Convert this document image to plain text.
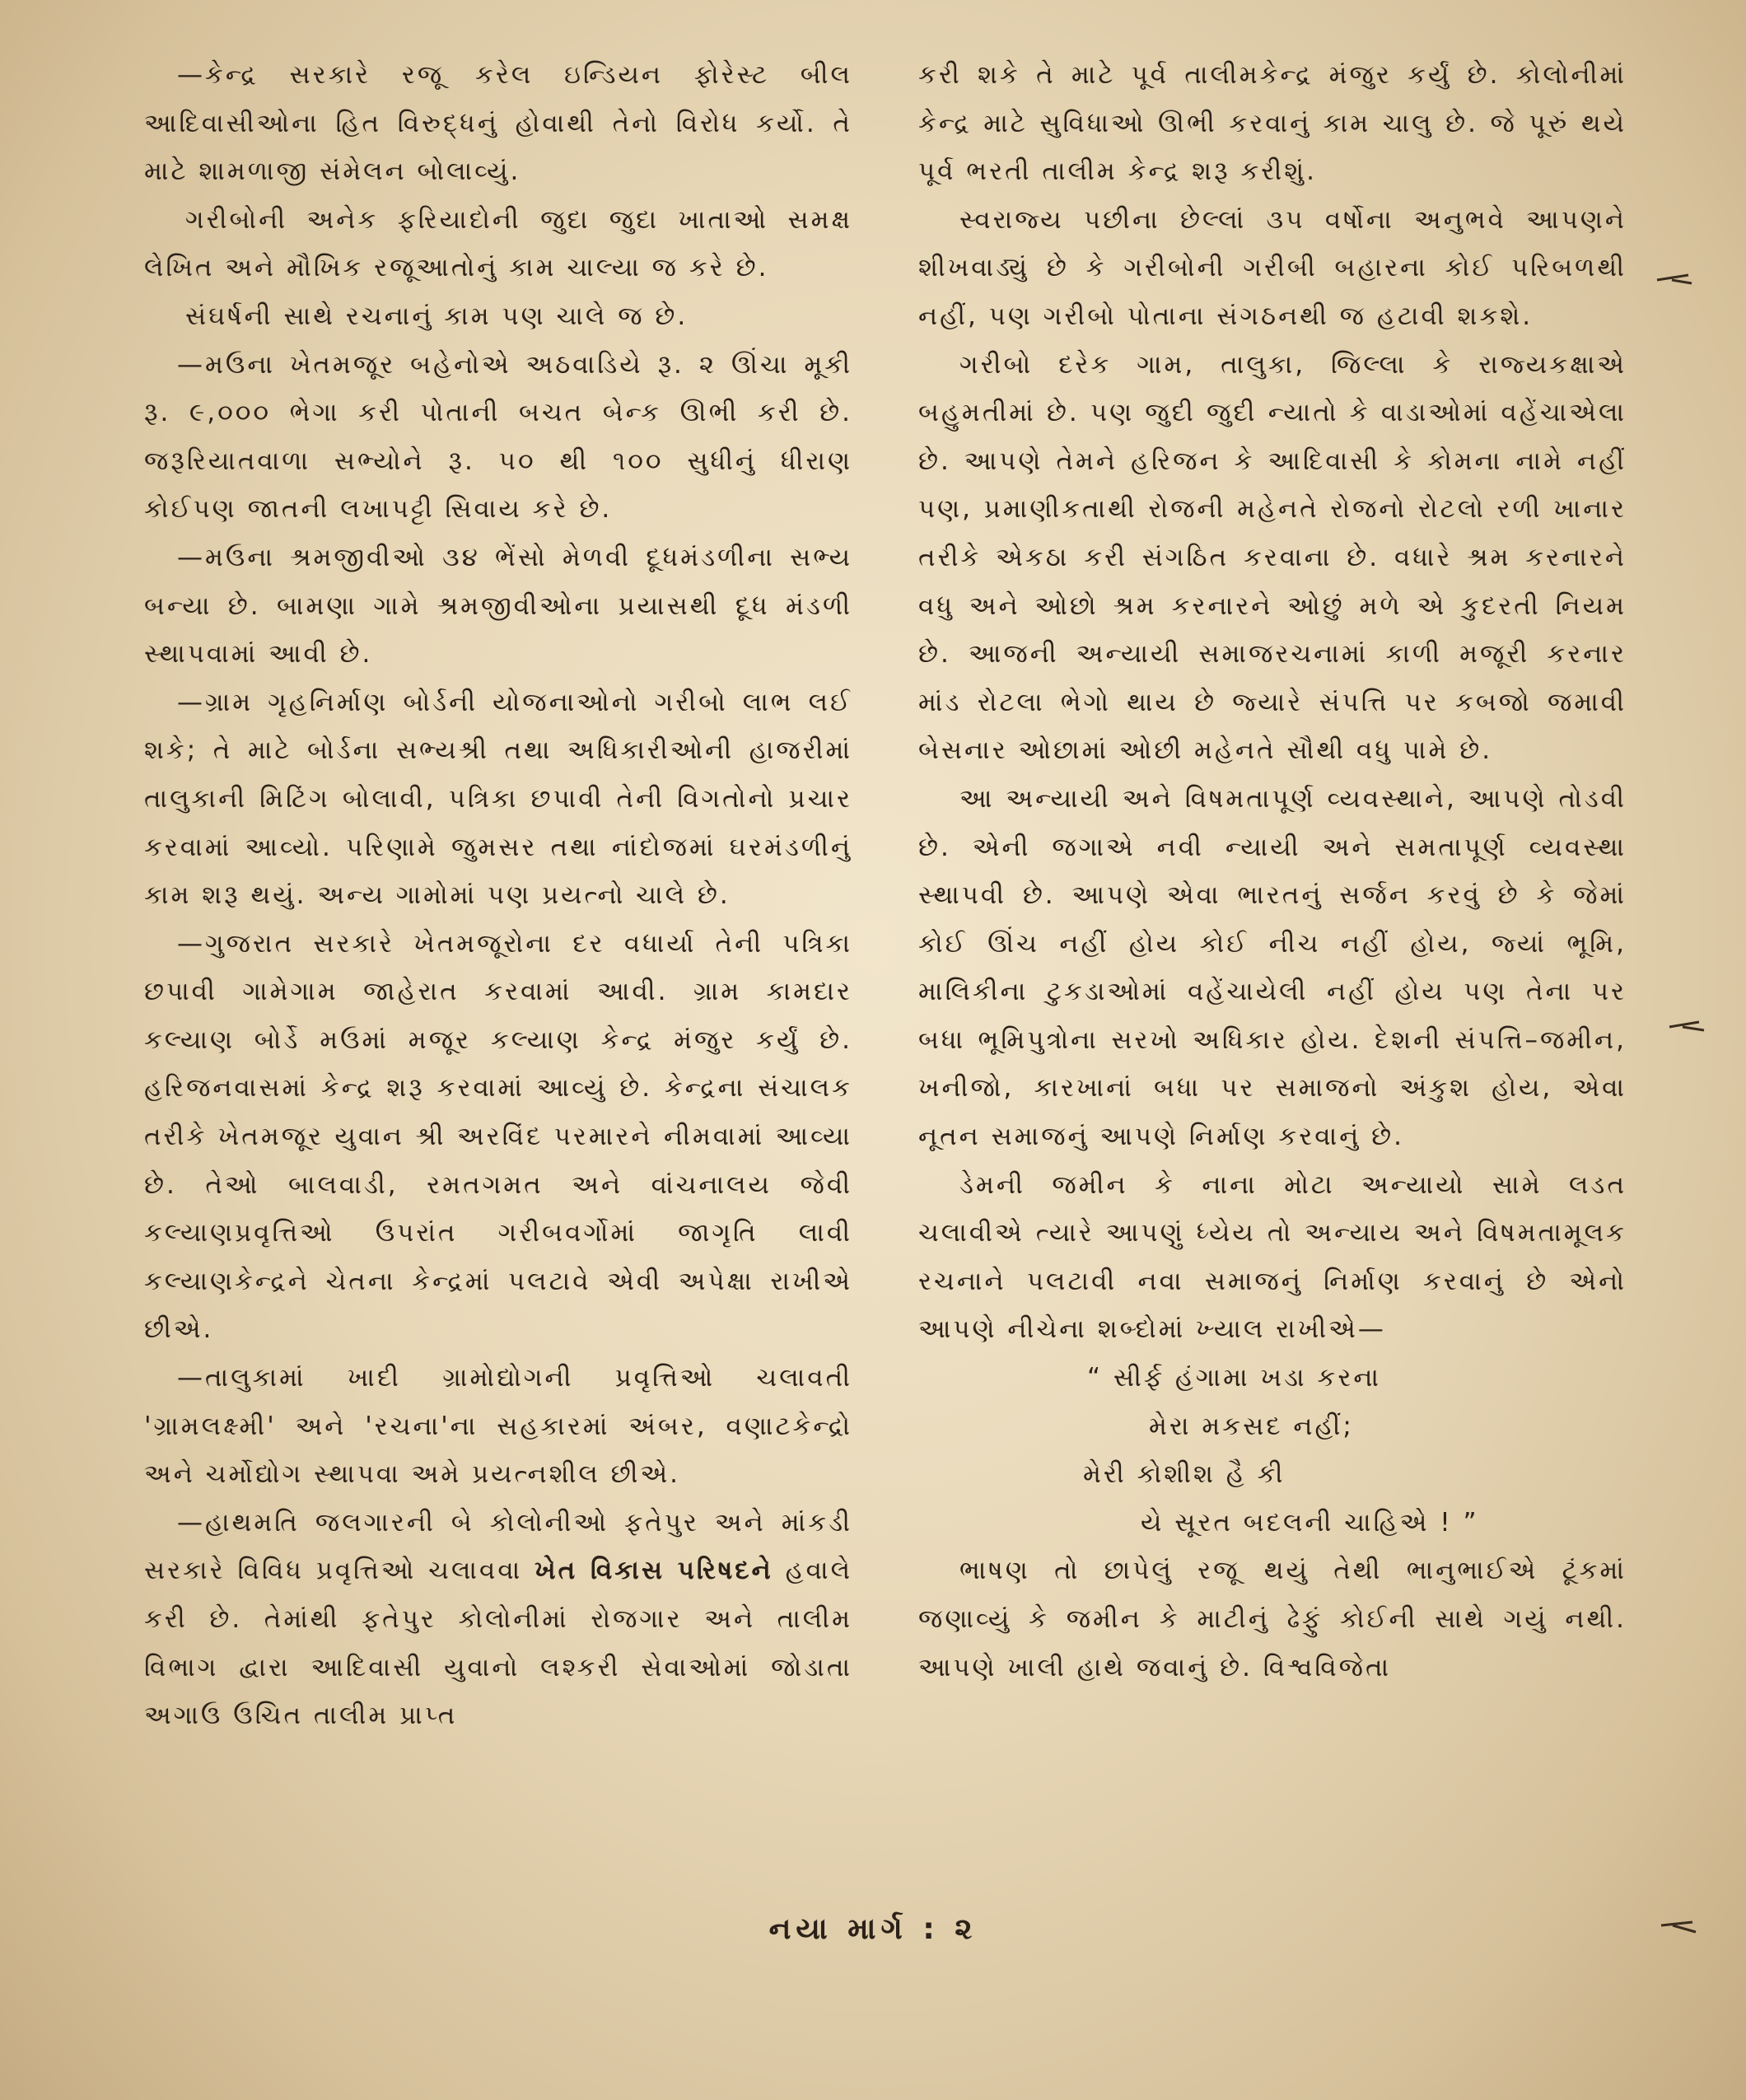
—કેન્દ્ર સરકારે રજૂ કરેલ ઇન્ડિયન ફોરેસ્ટ બીલ આદિવાસીઓના હિત વિરુદ્ધનું હોવાથી તેનો વિરોધ કર્યો. તે માટે શામળાજી સંમેલન બોલાવ્યું.

ગરીબોની અનેક ફરિયાદોની જુદા જુદા ખાતાઓ સમક્ષ લેખિત અને મૌખિક રજૂઆતોનું કામ ચાલ્યા જ કરે છે.

સંઘર્ષની સાથે રચનાનું કામ પણ ચાલે જ છે.

—મઉના ખેતમજૂર બહેનોએ અઠવાડિયે રૂ. ૨ ઊંચા મૂકી રૂ. ૯,૦૦૦ ભેગા કરી પોતાની બચત બેન્ક ઊભી કરી છે. જરૂરિયાતવાળા સભ્યોને રૂ. ૫૦ થી ૧૦૦ સુધીનું ધીરાણ કોઈપણ જાતની લખાપટ્ટી સિવાય કરે છે.

—મઉના શ્રમજીવીઓ ૩૪ ભેંસો મેળવી દૂધમંડળીના સભ્ય બન્યા છે. બામણા ગામે શ્રમજીવીઓના પ્રયાસથી દૂધ મંડળી સ્થાપવામાં આવી છે.

—ગ્રામ ગૃહનિર્માણ બોર્ડની યોજનાઓનો ગરીબો લાભ લઈ શકે; તે માટે બોર્ડના સભ્યશ્રી તથા અધિકારીઓની હાજરીમાં તાલુકાની મિટિંગ બોલાવી, પત્રિકા છપાવી તેની વિગતોનો પ્રચાર કરવામાં આવ્યો. પરિણામે જુમસર તથા નાંદોજમાં ઘરમંડળીનું કામ શરૂ થયું. અન્ય ગામોમાં પણ પ્રયત્નો ચાલે છે.

—ગુજરાત સરકારે ખેતમજૂરોના દર વધાર્યા તેની પત્રિકા છપાવી ગામેગામ જાહેરાત કરવામાં આવી. ગ્રામ કામદાર કલ્યાણ બોર્ડે મઉમાં મજૂર કલ્યાણ કેન્દ્ર મંજુર કર્યું છે. હરિજનવાસમાં કેન્દ્ર શરૂ કરવામાં આવ્યું છે. કેન્દ્રના સંચાલક તરીકે ખેતમજૂર યુવાન શ્રી અરવિંદ પરમારને નીમવામાં આવ્યા છે. તેઓ બાલવાડી, રમતગમત અને વાંચનાલય જેવી કલ્યાણપ્રવૃત્તિઓ ઉપરાંત ગરીબવર્ગોમાં જાગૃતિ લાવી કલ્યાણકેન્દ્રને ચેતના કેન્દ્રમાં પલટાવે એવી અપેક્ષા રાખીએ છીએ.

—તાલુકામાં ખાદી ગ્રામોદ્યોગની પ્રવૃત્તિઓ ચલાવતી 'ગ્રામલક્ષ્મી' અને 'રચના'ના સહકારમાં અંબર, વણાટકેન્દ્રો અને ચર્મોદ્યોગ સ્થાપવા અમે પ્રયત્નશીલ છીએ.

—હાથમતિ જલગારની બે કોલોનીઓ ફતેપુર અને માંકડી સરકારે વિવિધ પ્રવૃત્તિઓ ચલાવવા ખેત વિકાસ પરિષદને હવાલે કરી છે. તેમાંથી ફતેપુર કોલોનીમાં રોજગાર અને તાલીમ વિભાગ દ્વારા આદિવાસી યુવાનો લશ્કરી સેવાઓમાં જોડાતા અગાઉ ઉચિત તાલીમ પ્રાપ્ત

કરી શકે તે માટે પૂર્વ તાલીમકેન્દ્ર મંજુર કર્યું છે. કોલોનીમાં કેન્દ્ર માટે સુવિધાઓ ઊભી કરવાનું કામ ચાલુ છે. જે પૂરું થયે પૂર્વ ભરતી તાલીમ કેન્દ્ર શરૂ કરીશું.

સ્વરાજ્ય પછીના છેલ્લાં ૩૫ વર્ષોના અનુભવે આપણને શીખવાડ્યું છે કે ગરીબોની ગરીબી બહારના કોઈ પરિબળથી નહીં, પણ ગરીબો પોતાના સંગઠનથી જ હટાવી શકશે.

ગરીબો દરેક ગામ, તાલુકા, જિલ્લા કે રાજ્યકક્ષાએ બહુમતીમાં છે. પણ જુદી જુદી ન્યાતો કે વાડાઓમાં વહેંચાએલા છે. આપણે તેમને હરિજન કે આદિવાસી કે કોમના નામે નહીં પણ, પ્રમાણીકતાથી રોજની મહેનતે રોજનો રોટલો રળી ખાનાર તરીકે એકઠા કરી સંગઠિત કરવાના છે. વધારે શ્રમ કરનારને વધુ અને ઓછો શ્રમ કરનારને ઓછું મળે એ કુદરતી નિયમ છે. આજની અન્યાયી સમાજરચનામાં કાળી મજૂરી કરનાર માંડ રોટલા ભેગો થાય છે જ્યારે સંપત્તિ પર કબજો જમાવી બેસનાર ઓછામાં ઓછી મહેનતે સૌથી વધુ પામે છે.

આ અન્યાયી અને વિષમતાપૂર્ણ વ્યવસ્થાને, આપણે તોડવી છે. એની જગાએ નવી ન્યાયી અને સમતાપૂર્ણ વ્યવસ્થા સ્થાપવી છે. આપણે એવા ભારતનું સર્જન કરવું છે કે જેમાં કોઈ ઊંચ નહીં હોય કોઈ નીચ નહીં હોય, જ્યાં ભૂમિ, માલિકીના ટુકડાઓમાં વહેંચાયેલી નહીં હોય પણ તેના પર બધા ભૂમિપુત્રોના સરખો અધિકાર હોય. દેશની સંપત્તિ–જમીન, ખનીજો, કારખાનાં બધા પર સમાજનો અંકુશ હોય, એવા નૂતન સમાજનું આપણે નિર્માણ કરવાનું છે.

ડેમની જમીન કે નાના મોટા અન્યાયો સામે લડત ચલાવીએ ત્યારે આપણું ધ્યેય તો અન્યાય અને વિષમતામૂલક રચનાને પલટાવી નવા સમાજનું નિર્માણ કરવાનું છે એનો આપણે નીચેના શબ્દોમાં ખ્યાલ રાખીએ—

“ સીર્ફ હંગામા ખડા કરના
મેરા મકસદ નહીં;
મેરી કોશીશ હૈ કી
યે સૂરત બદલની ચાહિએ ! ”

ભાષણ તો છાપેલું રજૂ થયું તેથી ભાનુભાઈએ ટૂંકમાં જણાવ્યું કે જમીન કે માટીનું ઢેફું કોઈની સાથે ગયું નથી. આપણે ખાલી હાથે જવાનું છે. વિશ્વવિજેતા

નયા માર્ગ : ૨
